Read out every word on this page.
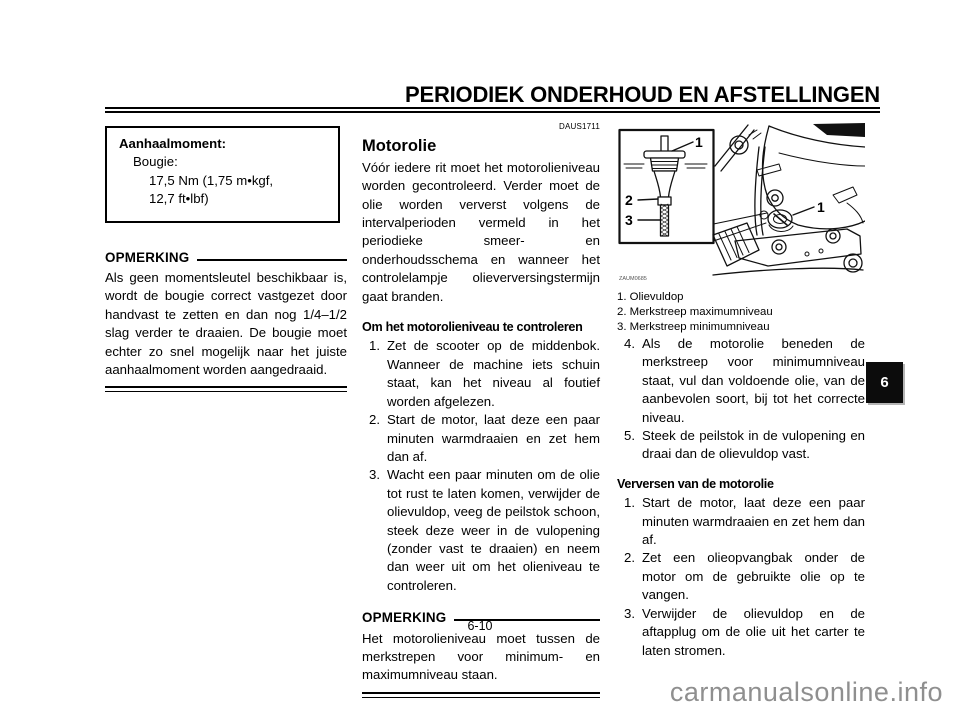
PERIODIEK ONDERHOUD EN AFSTELLINGEN
Aanhaalmoment:
Bougie:
17,5 Nm (1,75 m•kgf,
12,7 ft•lbf)
OPMERKING
Als geen momentsleutel beschikbaar is, wordt de bougie correct vastgezet door handvast te zetten en dan nog 1/4–1/2 slag verder te draaien. De bougie moet echter zo snel mogelijk naar het juiste aanhaalmoment worden aangedraaid.
DAUS1711
Motorolie
Vóór iedere rit moet het motorolieniveau worden gecontroleerd. Verder moet de olie worden ververst volgens de intervalperioden vermeld in het periodieke smeer- en onderhoudsschema en wanneer het controlelampje olieverversingstermijn gaat branden.
Om het motorolieniveau te controleren
1. Zet de scooter op de middenbok. Wanneer de machine iets schuin staat, kan het niveau al foutief worden afgelezen.
2. Start de motor, laat deze een paar minuten warmdraaien en zet hem dan af.
3. Wacht een paar minuten om de olie tot rust te laten komen, verwijder de olievuldop, veeg de peilstok schoon, steek deze weer in de vulopening (zonder vast te draaien) en neem dan weer uit om het olieniveau te controleren.
OPMERKING
Het motorolieniveau moet tussen de merkstrepen voor minimum- en maximumniveau staan.
1
2
3
1
ZAUM0685
1. Olievuldop
2. Merkstreep maximumniveau
3. Merkstreep minimumniveau
4. Als de motorolie beneden de merkstreep voor minimumniveau staat, vul dan voldoende olie, van de aanbevolen soort, bij tot het correcte niveau.
5. Steek de peilstok in de vulopening en draai dan de olievuldop vast.
Verversen van de motorolie
1. Start de motor, laat deze een paar minuten warmdraaien en zet hem dan af.
2. Zet een olieopvangbak onder de motor om de gebruikte olie op te vangen.
3. Verwijder de olievuldop en de aftapplug om de olie uit het carter te laten stromen.
6
6-10
carmanualsonline.info
